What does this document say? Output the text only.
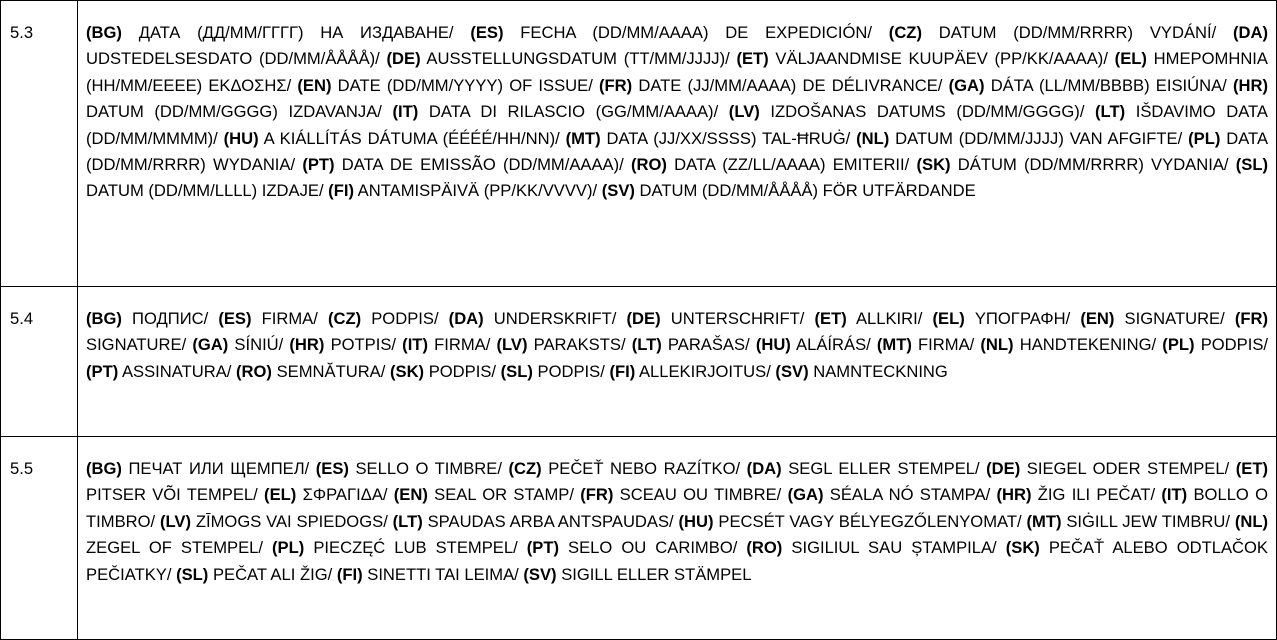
5.3	(BG) ДАТА (ДД/ММ/ГГГГ) НА ИЗДАВАНЕ/ (ES) FECHA (DD/MM/AAAA) DE EXPEDICIÓN/ (CZ) DATUM (DD/MM/RRRR) VYDÁNÍ/ (DA) UDSTEDELSESDATO (DD/MM/ÅÅÅÅ)/ (DE) AUSSTELLUNGSDATUM (TT/MM/JJJJ)/ (ET) VÄLJAANDMISE KUUPÄEV (PP/KK/AAAA)/ (EL) ΗΜΕΡΟΜΗΝΙΑ (HH/MM/EEEE) ΕΚΔΟΣΗΣ/ (EN) DATE (DD/MM/YYYY) OF ISSUE/ (FR) DATE (JJ/MM/AAAA) DE DÉLIVRANCE/ (GA) DÁTA (LL/MM/BBBB) EISIÚNA/ (HR) DATUM (DD/MM/GGGG) IZDAVANJA/ (IT) DATA DI RILASCIO (GG/MM/AAAA)/ (LV) IZDOŠANAS DATUMS (DD/MM/GGGG)/ (LT) IŠDAVIMO DATA (DD/MM/MMMM)/ (HU) A KIÁLLÍTÁS DÁTUMA (ÉÉÉÉ/HH/NN)/ (MT) DATA (JJ/XX/SSSS) TAL-ĦRUĠ/ (NL) DATUM (DD/MM/JJJJ) VAN AFGIFTE/ (PL) DATA (DD/MM/RRRR) WYDANIA/ (PT) DATA DE EMISSÃO (DD/MM/AAAA)/ (RO) DATA (ZZ/LL/AAAA) EMITERII/ (SK) DÁTUM (DD/MM/RRRR) VYDANIA/ (SL) DATUM (DD/MM/LLLL) IZDAJE/ (FI) ANTAMISPÄIVÄ (PP/KK/VVVV)/ (SV) DATUM (DD/MM/ÅÅÅÅ) FÖR UTFÄRDANDE
5.4	(BG) ПОДПИС/ (ES) FIRMA/ (CZ) PODPIS/ (DA) UNDERSKRIFT/ (DE) UNTERSCHRIFT/ (ET) ALLKIRI/ (EL) ΥΠΟΓΡΑΦΗ/ (EN) SIGNATURE/ (FR) SIGNATURE/ (GA) SÍNIÚ/ (HR) POTPIS/ (IT) FIRMA/ (LV) PARAKSTS/ (LT) PARAŠAS/ (HU) ALÁÍRÁS/ (MT) FIRMA/ (NL) HANDTEKENING/ (PL) PODPIS/ (PT) ASSINATURA/ (RO) SEMNĂTURA/ (SK) PODPIS/ (SL) PODPIS/ (FI) ALLEKIRJOITUS/ (SV) NAMNTECKNING
5.5	(BG) ПЕЧАТ ИЛИ ЩЕМПЕЛ/ (ES) SELLO O TIMBRE/ (CZ) PEČEŤ NEBO RAZÍTKO/ (DA) SEGL ELLER STEMPEL/ (DE) SIEGEL ODER STEMPEL/ (ET) PITSER VÕI TEMPEL/ (EL) ΣΦΡΑΓΙΔΑ/ (EN) SEAL OR STAMP/ (FR) SCEAU OU TIMBRE/ (GA) SÉALA NÓ STAMPA/ (HR) ŽIG ILI PEČAT/ (IT) BOLLO O TIMBRO/ (LV) ZĪMOGS VAI SPIEDOGS/ (LT) SPAUDAS ARBA ANTSPAUDAS/ (HU) PECSÉT VAGY BÉLYEGZŐLENYOMAT/ (MT) SIĠILL JEW TIMBRU/ (NL) ZEGEL OF STEMPEL/ (PL) PIECZĘĆ LUB STEMPEL/ (PT) SELO OU CARIMBO/ (RO) SIGILIUL SAU ȘTAMPILA/ (SK) PEČAŤ ALEBO ODTLAČOK PEČIATKY/ (SL) PEČAT ALI ŽIG/ (FI) SINETTI TAI LEIMA/ (SV) SIGILL ELLER STÄMPEL
